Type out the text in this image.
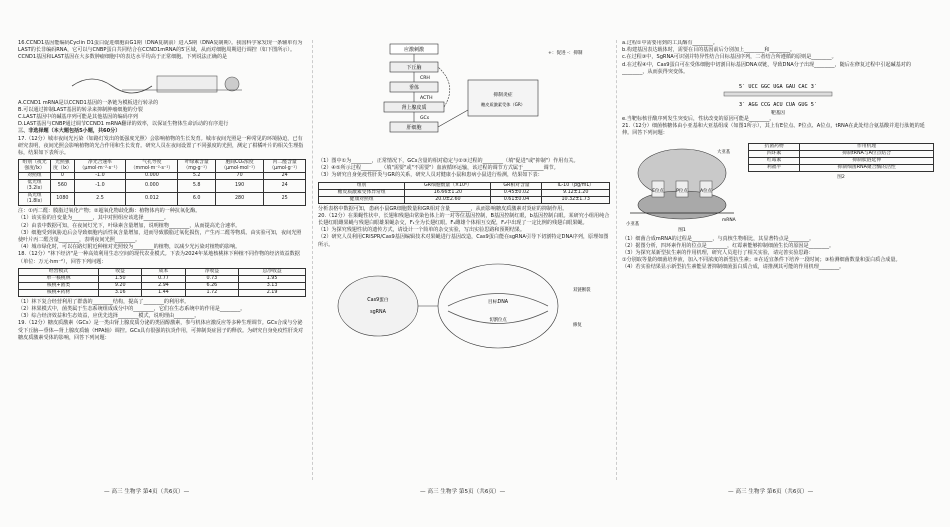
16.CCND1基因能编码Cyclin D1蛋白促进细胞由G1期（DNA复制前）进入S期（DNA复制期）。我国科学家发现一条辅单有为LAST的长非编码RNA，它可以与CNBP蛋白共同结合在CCND1mRNA的5′区域，从而对细胞周期进行调控（如下图所示）。CCND1基因和LAST基因在大多数肿瘤细胞中的表达水平均高于正常细胞。下列说法正确的是

A.CCND1 mRNA是以CCND1基因的一条链为模板进行转录的

B.可以通过抑制LAST基因的转录来抑制肿瘤细胞的分裂

C.LAST基因中的碱基序列可能是其他基因的编码序列

D.LAST基因与CNBP通过调节CCND1 mRNA翻译的效率，以保证生物体生命活动的有序进行

三、非选择题（本大题包括5小题，共60分）

17.（12分）城市夜间光污染（如路灯发出的低强度光照）会影响植物的生长发育。城市夜间光照是一种常见的环境胁迫，已有研究表明，夜间光照会影响植物的光合作用和生长发育。研究人员在夜间设置了不同强度的光照，测定了柑橘叶片的相关生理指标，结果如下表所示。

组别（夜光强度/lx）	光照强度（lx）	净光合速率（μmol·m⁻²·s⁻¹）	气孔导度（mmol·m⁻²·s⁻¹）	叶绿素含量（mg·g⁻¹）	胞间CO₂浓度（μmol·mol⁻¹）	丙二醛含量（μmol·g⁻¹）
对照组	0	-1.0	0.000	5.2	70	24
低光组（3.2lx）	560	-1.0	0.000	5.8	190	24
高光组（1.8lx）	1080	2.5	0.012	6.0	280	25

注：①丙二醛：膜脂过氧化产物；②超氧化物歧化酶：植物体内的一种抗氧化酶。

（1）该实验的自变量为________，其中对照组应该选择________。

（2）由表中数据可知，在夜间灯光下，叶绿素含量增加，说明植物________，从而提高光合速率。

（3）细胞受到氧胁迫后会导致细胞内活性氧含量增加，进而导致膜脂过氧化损伤，产生丙二醛等物质。由实验可知，夜间光照使叶片丙二醛含量________，表明夜间光照________。

（4）城市绿化时，可以在路灯附近种植对光照较为________的植物，以减少光污染对植物的影响。

18.（12分）"林下经济"是一种高效利用生态空间的现代农业模式。下表为2024年某地核桃林下种植不同作物的经济效益数据（单位：万元·hm⁻²），回答下列问题：

经营模式	收益	成本	净收益	总净收益
单一核桃林	1.50	0.77	0.73	1.95
核桃+菌类	9.20	2.94	6.26	3.13
核桃+药材	3.16	1.44	1.72	2.19

（1）林下复合经营利用了群落的________结构，提高了________的利用率。

（2）林果模式中，菌类属于生态系统组成成分中的________，它们在生态系统中的作用是________。

（3）综合经济效益和生态效益，应优先选择________模式，说明理由________。

19.（12分）糖皮质激素（GCs）是一类由肾上腺皮质分泌的类固醇激素，参与机体应激反应等多种生理调节。GCs合成与分泌受下丘脑—垂体—肾上腺皮质轴（HPA轴）调控。GCs具有很强的抗炎作用，可抑制炎症因子的释放。为研究自身免疫性肝炎对糖皮质激素受体的影响，回答下列问题：

— 高三 生物学 第4页（共6页）—
应激刺激
下丘脑
CRH
垂体
ACTH
肾上腺皮质
GCs
肝细胞
抑制炎症
糖皮质激素受体（GR）
+：促进 -：抑制

（1）图中①为________，正常情况下，GCs含量的相对稳定与②③过程的________（填"促进"或"抑制"）作用有关。

（2）④⑤所示过程________（填"需要"或"不需要"）血液循环运输，该过程的调节方式属于________调节。

（3）为研究自身免疫性肝炎与GR的关系，研究人员对健康小鼠和患病小鼠进行检测，结果如下表：

组别	GR细胞数量（×10⁶）	GR相对含量	IL-10（pg/mL）
糖皮质激素受体异常组	16.66±1.20	0.45±0.02	9.12±1.20
健康对照组	20.0±2.60	0.61±0.04	10.32±1.73

分析表格中数据可知，患病小鼠GR细胞数量和GR相对含量________，从而影响糖皮质激素对炎症的抑制作用。

20.（12分）在果蝇性状中，长翅和残翅由常染色体上的一对等位基因控制，B基因控制红眼，b基因控制白眼。某研究小组用纯合长翅红眼雌果蝇与残翅白眼雄果蝇杂交，F₁全为长翅红眼。F₁雌雄个体相互交配，F₂中出现了一定比例的残翅白眼果蝇。

（1）为探究残翅性状的遗传方式，请设计一个简单的杂交实验，写出实验思路和预期结果。

（2）研究人员利用CRISPR/Cas9基因编辑技术对果蝇进行基因改造，Cas9蛋白能在sgRNA引导下切割特定DNA序列，原理如图所示。

Cas9蛋白
sgRNA
目标DNA
切割位点
双链断裂
修复
— 高三 生物学 第5页（共6页）—

a.过程①中需要用到的工具酶有________。

b.构建基因表达载体时，需要在目的基因前后分别加上________和________。

c.在过程③中，SgRNA可识别并特异性结合目标基因序列，二者结合所遵循的原则是________。

d.在过程④中，Cas9蛋白可在受体细胞中切割目标基因DNA双链，导致DNA分子出现________，随后在修复过程中引起碱基对的________，从而获得突变体。

5′ UCC GGC UGA GAU CAC 3′
3′ AGG CCG ACU CUA GUG 5′
靶基因

e.当靶标核苷酸序列发生突变后，性状改变的原因可能是________。

21.（12分）细菌核糖体由小亚基和大亚基组成（如图1所示），其上有E位点、P位点、A位点，tRNA在此处结合氨基酸并进行肽链的延伸。回答下列问题：

E位点	P位点	A位点
大亚基
小亚基
mRNA
图1
抗菌药物	作用机理
四环素	抑制tRNA与A位点结合
红霉素	抑制肽链延伸
利福平	抑制细菌RNA聚合酶的活性
图2

（1）细菌合成mRNA的过程是________，与真核生物相比，其显著特点是________。

（2）据图分析，四环素作用的位点是________，红霉素能够抑制细菌生长的原因是________。

（3）为探究某新型抗生素的作用机理，研究人员进行了相关实验，请完善实验思路：

①分别取等量的细菌培养液，加入不同浓度的新型抗生素；②在适宜条件下培养一段时间；③检测细菌数量和蛋白质合成量。

（4）若实验结果显示新型抗生素能显著抑制细菌蛋白质合成，请推测其可能的作用机理________。

— 高三 生物学 第6页（共6页）—
